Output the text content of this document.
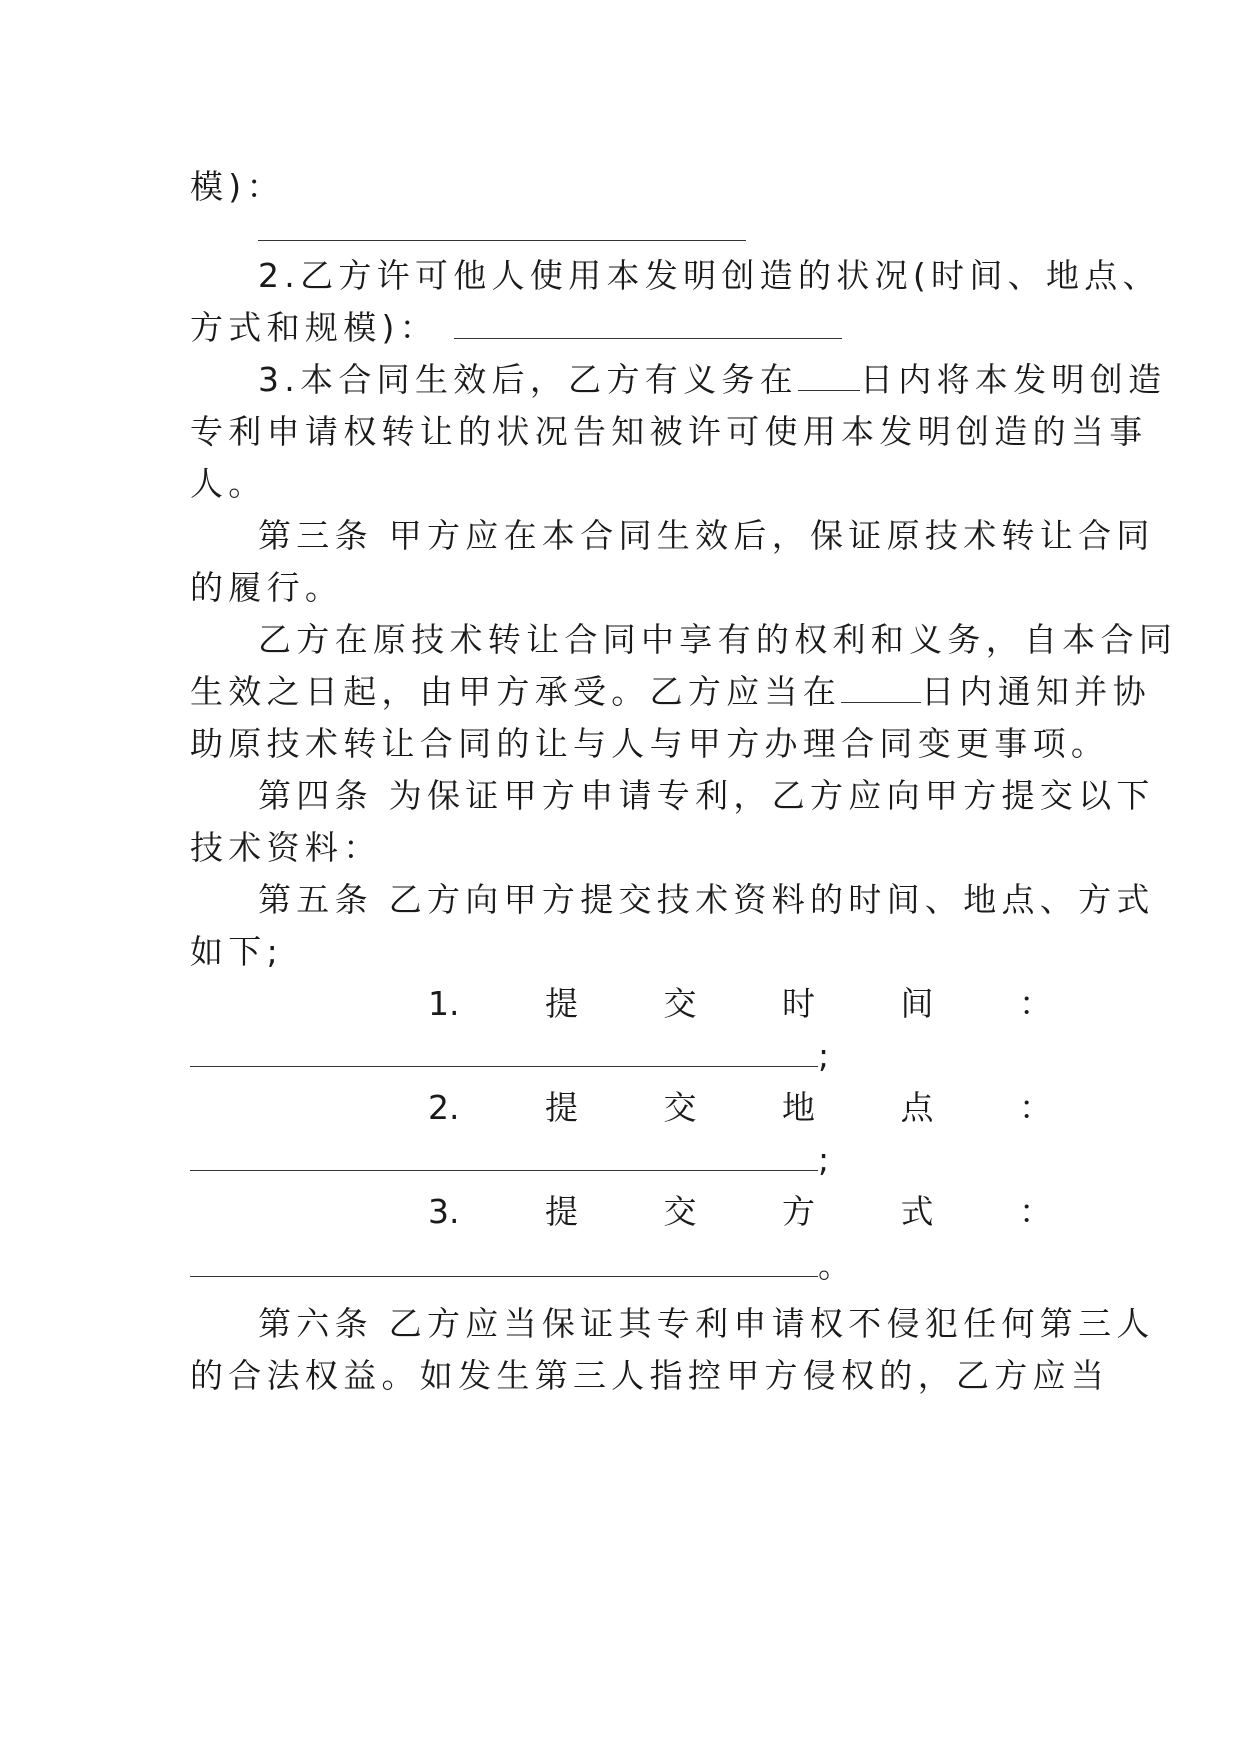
模)：
2.乙方许可他人使用本发明创造的状况(时间、地点、
方式和规模)：
3.本合同生效后，乙方有义务在 日内将本发明创造
专利申请权转让的状况告知被许可使用本发明创造的当事
人。
第三条 甲方应在本合同生效后，保证原技术转让合同
的履行。
乙方在原技术转让合同中享有的权利和义务，自本合同
生效之日起，由甲方承受。乙方应当在 日内通知并协
助原技术转让合同的让与人与甲方办理合同变更事项。
第四条 为保证甲方申请专利，乙方应向甲方提交以下
技术资料：
第五条 乙方向甲方提交技术资料的时间、地点、方式
如下;
1.	提	交	时	间	：
;
2.	提	交	地	点	：
;
3.	提	交	方	式	：
。
第六条 乙方应当保证其专利申请权不侵犯任何第三人
的合法权益。如发生第三人指控甲方侵权的，乙方应当
